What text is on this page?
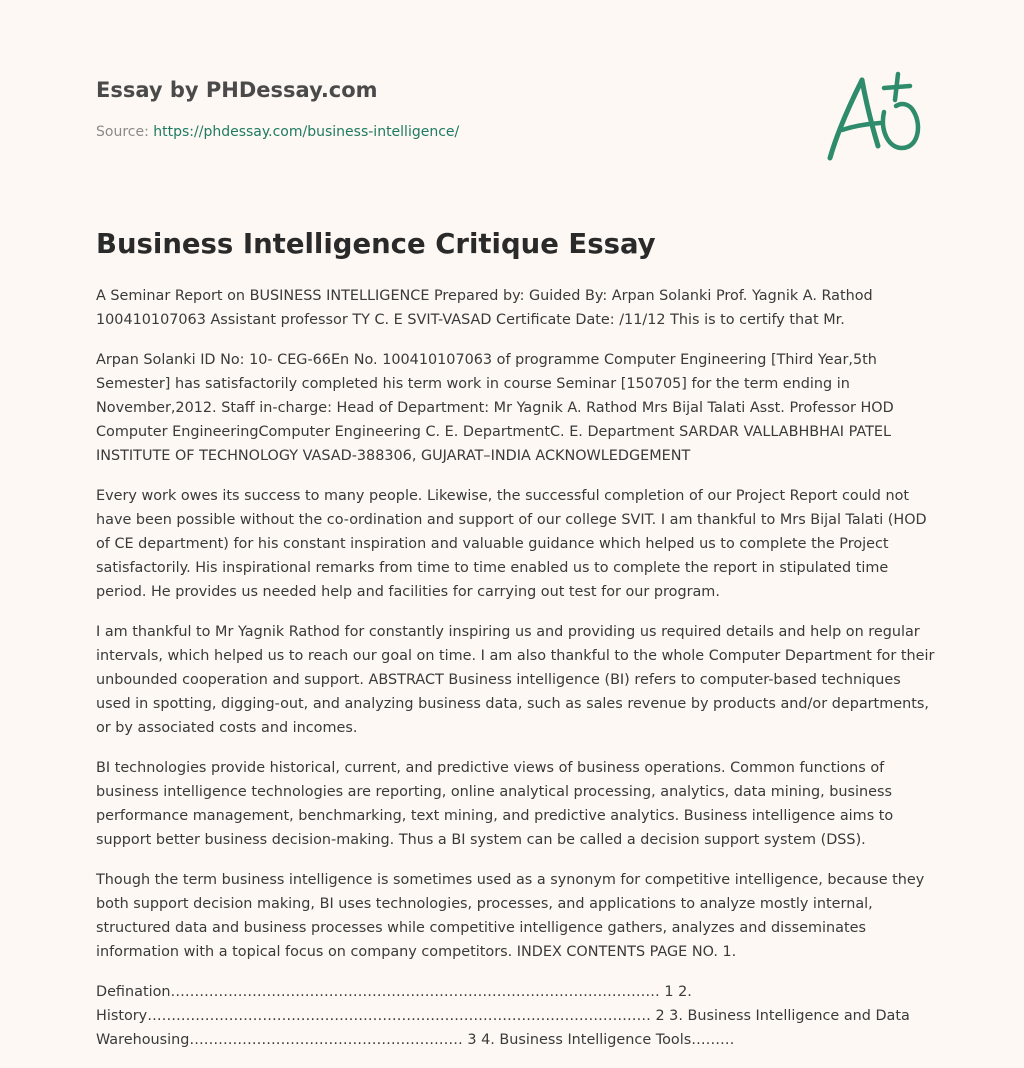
Essay by PHDessay.com
Source: https://phdessay.com/business-intelligence/
Business Intelligence Critique Essay

A Seminar Report on BUSINESS INTELLIGENCE Prepared by: Guided By: Arpan Solanki Prof. Yagnik A. Rathod 100410107063 Assistant professor TY C. E SVIT-VASAD Certificate Date: /11/12 This is to certify that Mr.

Arpan Solanki ID No: 10- CEG-66En No. 100410107063 of programme Computer Engineering [Third Year,5th Semester] has satisfactorily completed his term work in course Seminar [150705] for the term ending in November,2012. Staff in-charge: Head of Department: Mr Yagnik A. Rathod Mrs Bijal Talati Asst. Professor HOD Computer EngineeringComputer Engineering C. E. DepartmentC. E. Department SARDAR VALLABHBHAI PATEL INSTITUTE OF TECHNOLOGY VASAD-388306, GUJARAT–INDIA ACKNOWLEDGEMENT

Every work owes its success to many people. Likewise, the successful completion of our Project Report could not have been possible without the co-ordination and support of our college SVIT. I am thankful to Mrs Bijal Talati (HOD of CE department) for his constant inspiration and valuable guidance which helped us to complete the Project satisfactorily. His inspirational remarks from time to time enabled us to complete the report in stipulated time period. He provides us needed help and facilities for carrying out test for our program.

I am thankful to Mr Yagnik Rathod for constantly inspiring us and providing us required details and help on regular intervals, which helped us to reach our goal on time. I am also thankful to the whole Computer Department for their unbounded cooperation and support. ABSTRACT Business intelligence (BI) refers to computer-based techniques used in spotting, digging-out, and analyzing business data, such as sales revenue by products and/or departments, or by associated costs and incomes.

BI technologies provide historical, current, and predictive views of business operations. Common functions of business intelligence technologies are reporting, online analytical processing, analytics, data mining, business performance management, benchmarking, text mining, and predictive analytics. Business intelligence aims to support better business decision-making. Thus a BI system can be called a decision support system (DSS).

Though the term business intelligence is sometimes used as a synonym for competitive intelligence, because they both support decision making, BI uses technologies, processes, and applications to analyze mostly internal, structured data and business processes while competitive intelligence gathers, analyzes and disseminates information with a topical focus on company competitors. INDEX CONTENTS PAGE NO. 1.

Defination………………………………………………………………………………………… 1 2. History…………………………………………………………………………………………… 2 3. Business Intelligence and Data Warehousing………………………………………………… 3 4. Business Intelligence Tools………
